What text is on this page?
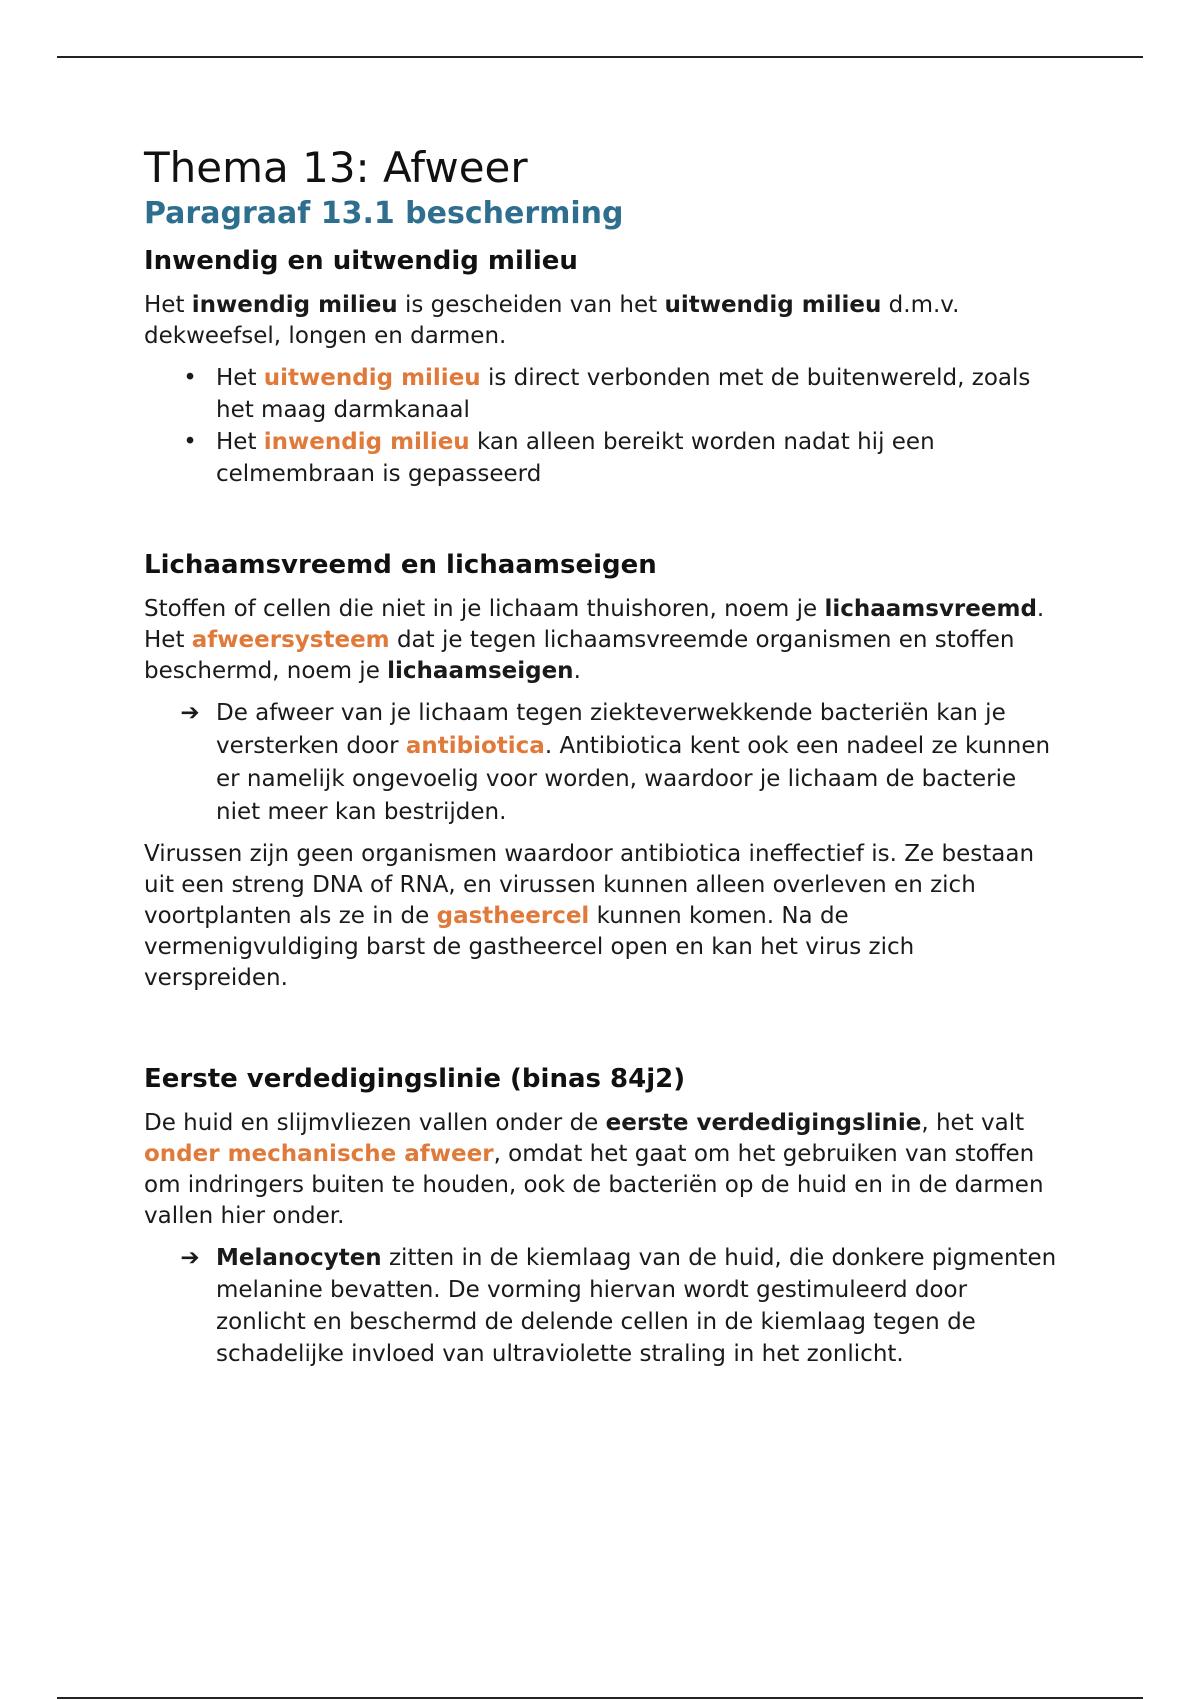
Thema 13: Afweer
Paragraaf 13.1 bescherming
Inwendig en uitwendig milieu

Het inwendig milieu is gescheiden van het uitwendig milieu d.m.v. dekweefsel, longen en darmen.

• Het uitwendig milieu is direct verbonden met de buitenwereld, zoals het maag darmkanaal
• Het inwendig milieu kan alleen bereikt worden nadat hij een celmembraan is gepasseerd
Lichaamsvreemd en lichaamseigen

Stoffen of cellen die niet in je lichaam thuishoren, noem je lichaamsvreemd. Het afweersysteem dat je tegen lichaamsvreemde organismen en stoffen beschermd, noem je lichaamseigen.

➔ De afweer van je lichaam tegen ziekteverwekkende bacteriën kan je versterken door antibiotica. Antibiotica kent ook een nadeel ze kunnen er namelijk ongevoelig voor worden, waardoor je lichaam de bacterie niet meer kan bestrijden.

Virussen zijn geen organismen waardoor antibiotica ineffectief is. Ze bestaan uit een streng DNA of RNA, en virussen kunnen alleen overleven en zich voortplanten als ze in de gastheercel kunnen komen. Na de vermenigvuldiging barst de gastheercel open en kan het virus zich verspreiden.

Eerste verdedigingslinie (binas 84j2)

De huid en slijmvliezen vallen onder de eerste verdedigingslinie, het valt onder mechanische afweer, omdat het gaat om het gebruiken van stoffen om indringers buiten te houden, ook de bacteriën op de huid en in de darmen vallen hier onder.

➔ Melanocyten zitten in de kiemlaag van de huid, die donkere pigmenten melanine bevatten. De vorming hiervan wordt gestimuleerd door zonlicht en beschermd de delende cellen in de kiemlaag tegen de schadelijke invloed van ultraviolette straling in het zonlicht.
